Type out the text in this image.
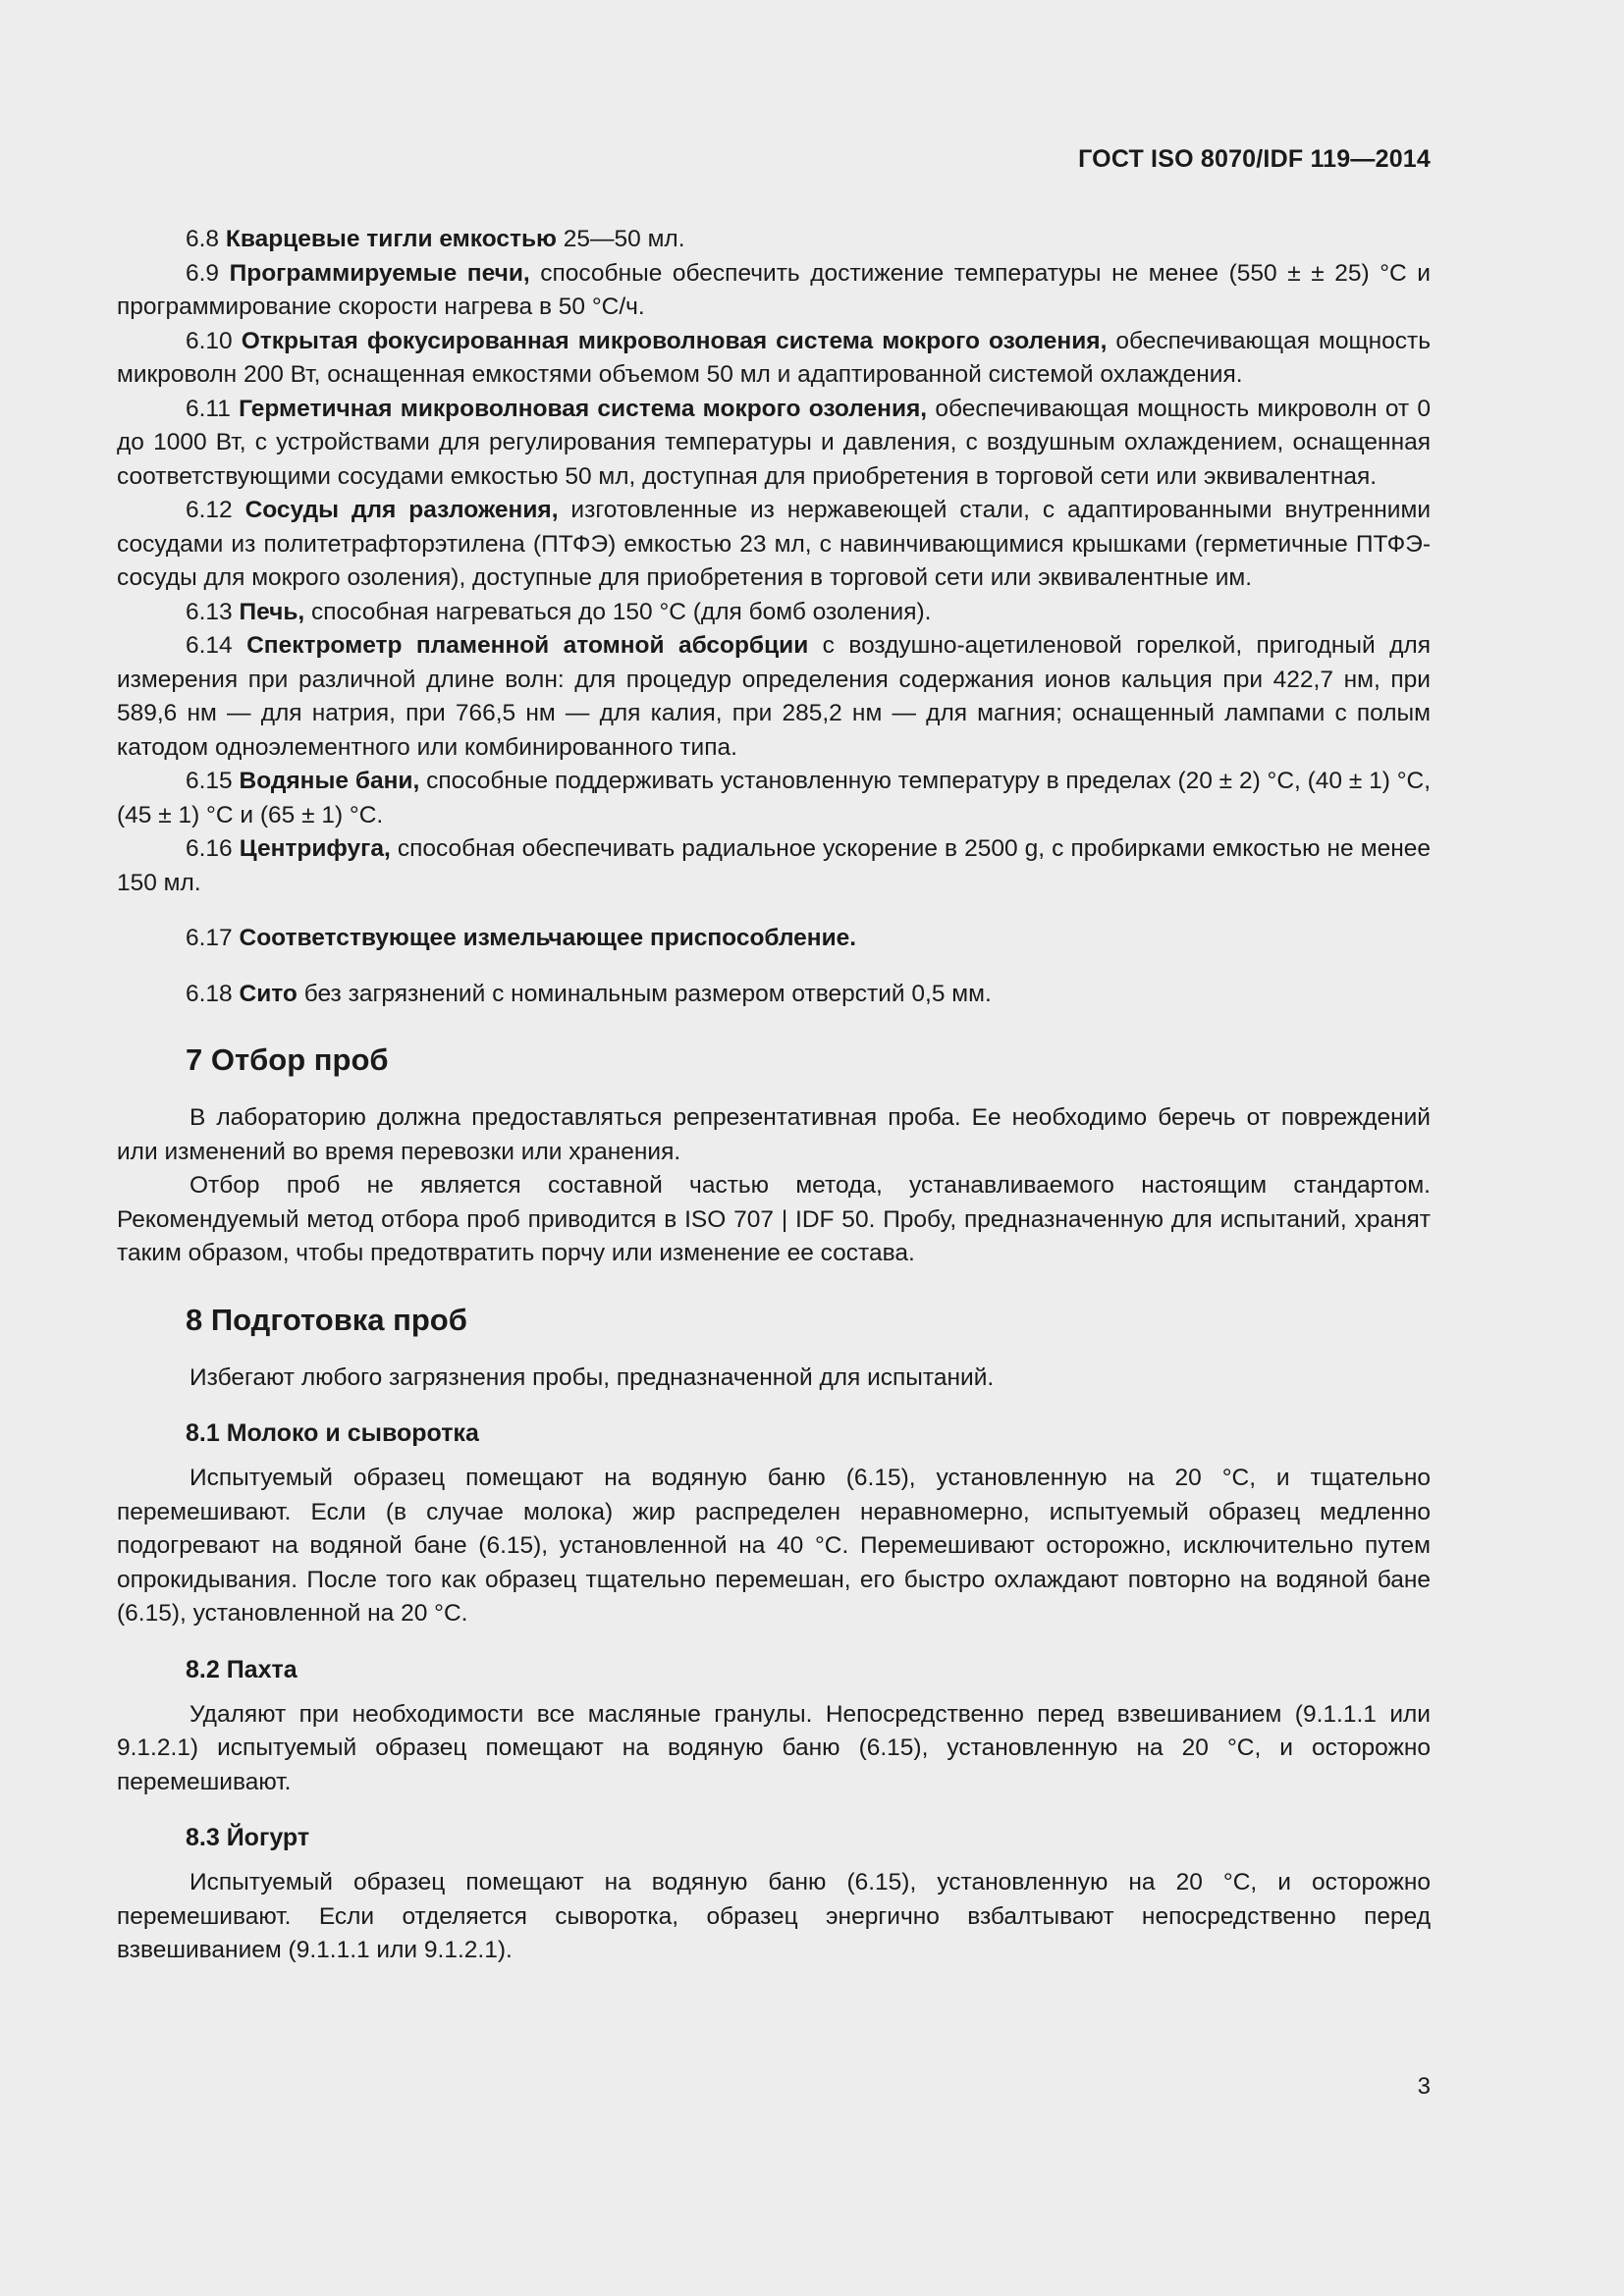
ГОСТ ISO 8070/IDF 119—2014

6.8 Кварцевые тигли емкостью 25—50 мл.

6.9 Программируемые печи, способные обеспечить достижение температуры не менее (550 ± ± 25) °С и программирование скорости нагрева в 50 °С/ч.

6.10 Открытая фокусированная микроволновая система мокрого озоления, обеспечивающая мощность микроволн 200 Вт, оснащенная емкостями объемом 50 мл и адаптированной системой охлаждения.

6.11 Герметичная микроволновая система мокрого озоления, обеспечивающая мощность микроволн от 0 до 1000 Вт, с устройствами для регулирования температуры и давления, с воздушным охлаждением, оснащенная соответствующими сосудами емкостью 50 мл, доступная для приобретения в торговой сети или эквивалентная.

6.12 Сосуды для разложения, изготовленные из нержавеющей стали, с адаптированными внутренними сосудами из политетрафторэтилена (ПТФЭ) емкостью 23 мл, с навинчивающимися крышками (герметичные ПТФЭ-сосуды для мокрого озоления), доступные для приобретения в торговой сети или эквивалентные им.

6.13 Печь, способная нагреваться до 150 °С (для бомб озоления).

6.14 Спектрометр пламенной атомной абсорбции с воздушно-ацетиленовой горелкой, пригодный для измерения при различной длине волн: для процедур определения содержания ионов кальция при 422,7 нм, при 589,6 нм — для натрия, при 766,5 нм — для калия, при 285,2 нм — для магния; оснащенный лампами с полым катодом одноэлементного или комбинированного типа.

6.15 Водяные бани, способные поддерживать установленную температуру в пределах (20 ± 2) °С, (40 ± 1) °С, (45 ± 1) °С и (65 ± 1) °С.

6.16 Центрифуга, способная обеспечивать радиальное ускорение в 2500 g, с пробирками емкостью не менее 150 мл.

6.17 Соответствующее измельчающее приспособление.

6.18 Сито без загрязнений с номинальным размером отверстий 0,5 мм.

7 Отбор проб

В лабораторию должна предоставляться репрезентативная проба. Ее необходимо беречь от повреждений или изменений во время перевозки или хранения.

Отбор проб не является составной частью метода, устанавливаемого настоящим стандартом. Рекомендуемый метод отбора проб приводится в ISO 707 | IDF 50. Пробу, предназначенную для испытаний, хранят таким образом, чтобы предотвратить порчу или изменение ее состава.

8 Подготовка проб

Избегают любого загрязнения пробы, предназначенной для испытаний.

8.1 Молоко и сыворотка

Испытуемый образец помещают на водяную баню (6.15), установленную на 20 °С, и тщательно перемешивают. Если (в случае молока) жир распределен неравномерно, испытуемый образец медленно подогревают на водяной бане (6.15), установленной на 40 °С. Перемешивают осторожно, исключительно путем опрокидывания. После того как образец тщательно перемешан, его быстро охлаждают повторно на водяной бане (6.15), установленной на 20 °С.

8.2 Пахта

Удаляют при необходимости все масляные гранулы. Непосредственно перед взвешиванием (9.1.1.1 или 9.1.2.1) испытуемый образец помещают на водяную баню (6.15), установленную на 20 °С, и осторожно перемешивают.

8.3 Йогурт

Испытуемый образец помещают на водяную баню (6.15), установленную на 20 °С, и осторожно перемешивают. Если отделяется сыворотка, образец энергично взбалтывают непосредственно перед взвешиванием (9.1.1.1 или 9.1.2.1).

3
